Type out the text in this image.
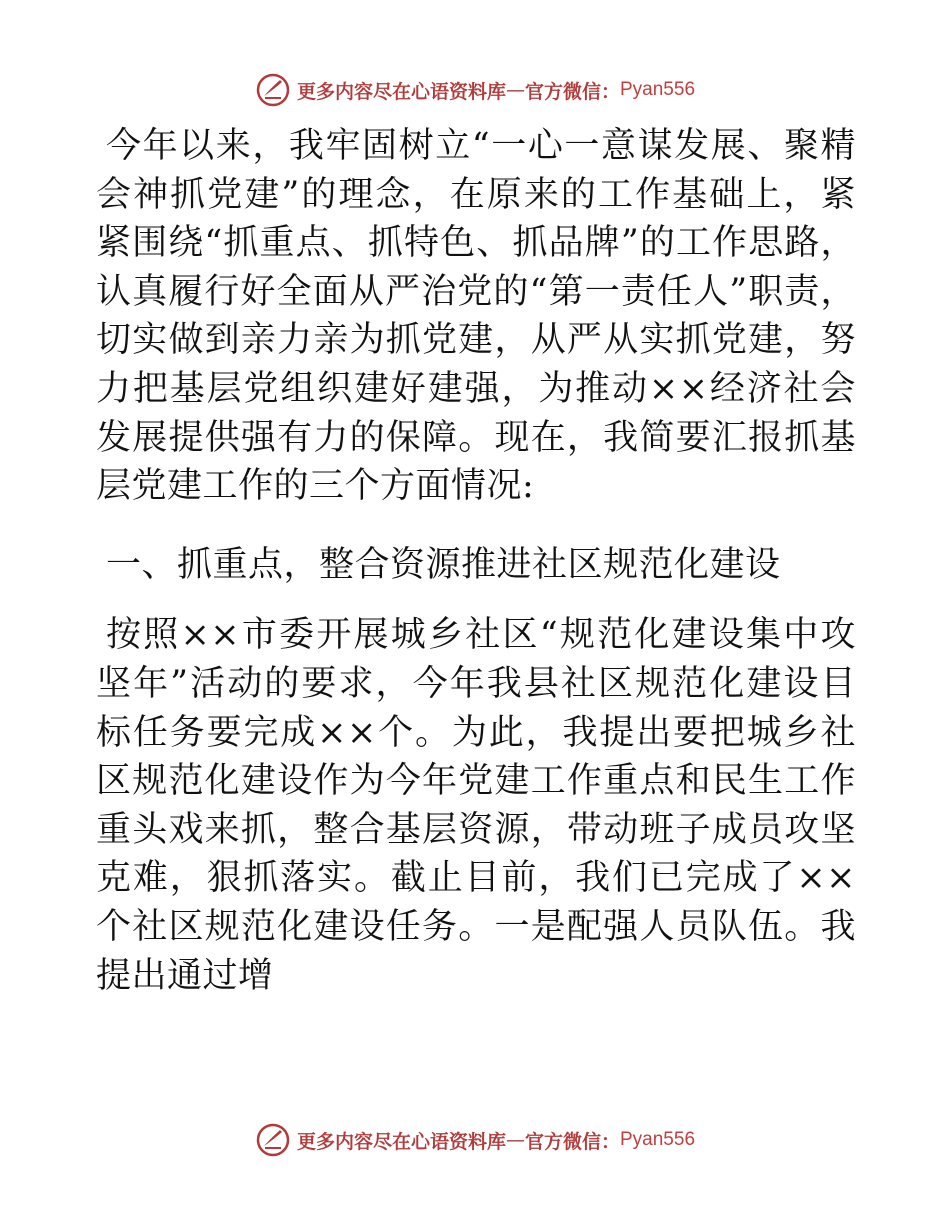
更多内容尽在心语资料库 — 官方微信： Pyan556

今年以来，我牢固树立“一心一意谋发展、聚精会神抓党建”的理念，在原来的工作基础上，紧紧围绕“抓重点、抓特色、抓品牌”的工作思路，认真履行好全面从严治党的“第一责任人”职责，切实做到亲力亲为抓党建，从严从实抓党建，努力把基层党组织建好建强，为推动××经济社会发展提供强有力的保障。现在，我简要汇报抓基层党建工作的三个方面情况:

一、抓重点，整合资源推进社区规范化建设

按照××市委开展城乡社区“规范化建设集中攻坚年”活动的要求，今年我县社区规范化建设目标任务要完成××个。为此，我提出要把城乡社区规范化建设作为今年党建工作重点和民生工作重头戏来抓，整合基层资源，带动班子成员攻坚克难，狠抓落实。截止目前，我们已完成了××个社区规范化建设任务。一是配强人员队伍。我提出通过增

更多内容尽在心语资料库 — 官方微信： Pyan556
